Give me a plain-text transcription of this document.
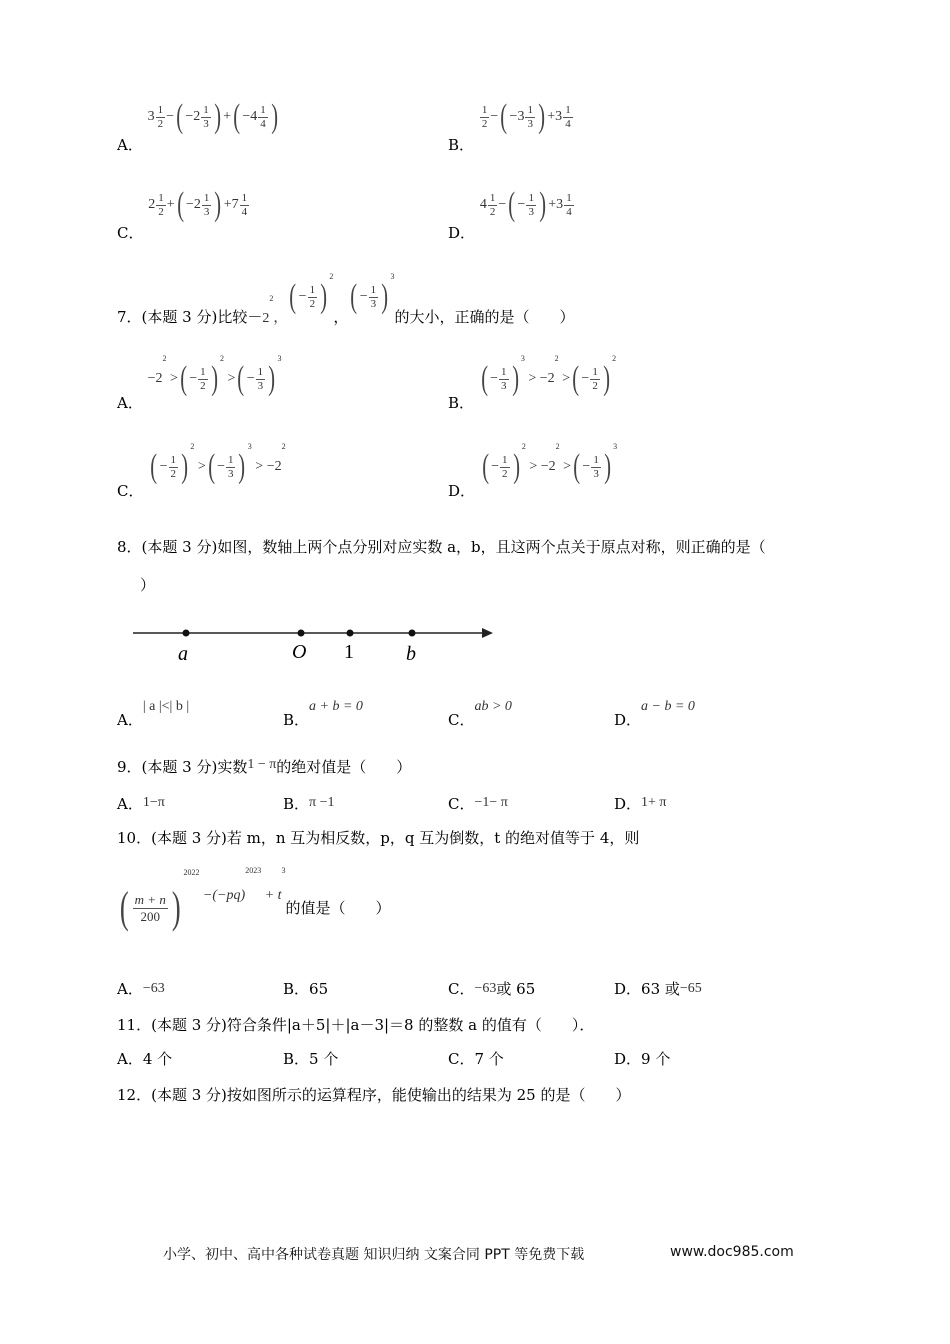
A． $3 \frac{1}{2}$ − ( $-2 \frac{1}{3}$ ) + ( $-4 \frac{1}{4}$ )
B．
$\frac{1}{2}$ − ( $-3 \frac{1}{3}$ ) $+3 \frac{1}{4}$
C． $2 \frac{1}{2}$ + ( $-2 \frac{1}{3}$ ) $+7 \frac{1}{4}$
D． $4 \frac{1}{2}$ − ( − $\frac{1}{3}$ ) $+3 \frac{1}{4}$
7．(本题 3 分)比较$-2^2$，
( − $\frac{1}{2}$ )
$^2$，
( − $\frac{1}{3}$ )
$^3$的大小，正确的是（　　）
A． $-2^2$ > ( − $\frac{1}{2}$ )
$^2$ > ( − $\frac{1}{3}$ )
$^3$
B．
( − $\frac{1}{3}$ )
$^3 > -2^2$ > ( − $\frac{1}{2}$ )
$^2$
C．
( − $\frac{1}{2}$ )
$^2$ > ( − $\frac{1}{3}$ )
$^3 > -2^2$
D．
( − $\frac{1}{2}$ )
$^2 > -2^2$ > ( − $\frac{1}{3}$ )
$^3$
8．(本题 3 分)如图，数轴上两个点分别对应实数 a，b，且这两个点关于原点对称，则正确的是（
）
a	O 1	b
A．| a |<| b |
B．a + b = 0
C．ab > 0
D．a − b = 0
9．(本题 3 分)实数1 − π的绝对值是（　　）
A．1−π	B．π −1	C．−1− π	D．1+ π
10．(本题 3 分)若 m，n 互为相反数，p，q 互为倒数，t 的绝对值等于 4，则
( $\frac{m + n}{200}$ )
$^{2022} -(-pq)^{2023} + t^3$的值是（　　）
A．−63	B．65	C．−63或 65	D．63 或−65
11．(本题 3 分)符合条件|a＋5|＋|a－3|＝8 的整数 a 的值有（　　）．
A．4 个	B．5 个	C．7 个	D．9 个
12．(本题 3 分)按如图所示的运算程序，能使输出的结果为 25 的是（　　）
小学、初中、高中各种试卷真题 知识归纳 文案合同 PPT 等免费下载	www.doc985.com
